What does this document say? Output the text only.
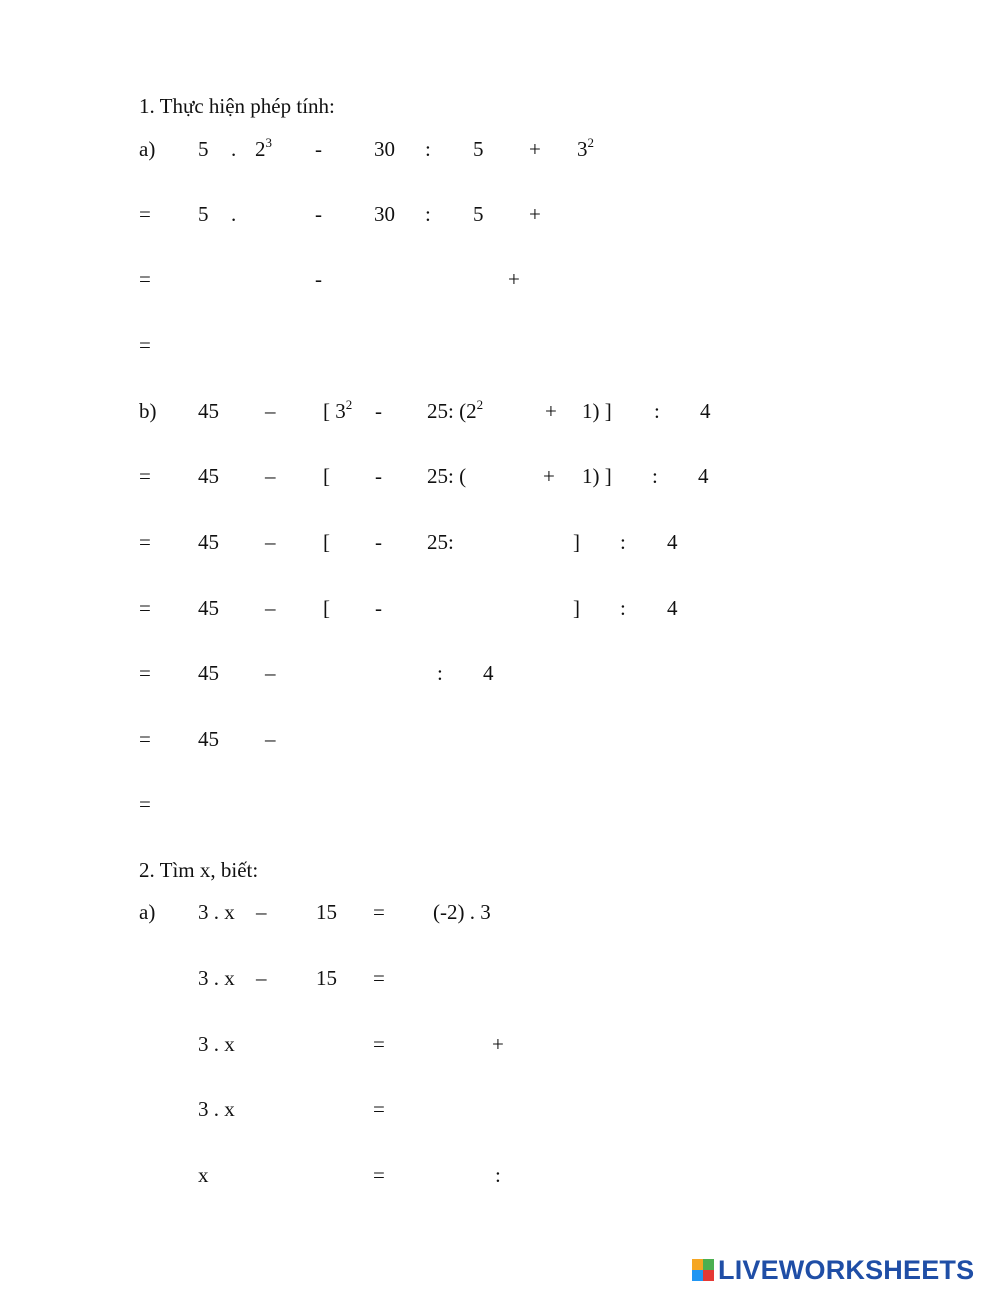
1. Thực hiện phép tính:
a) 5 . $2^3 - 30$ : $5 + 3^2$
= 5 .	- 30 : 5 +
=	-	+
=
b) 45 – [ $3^2 - 25$: ($2^2$	+ 1) ] : 4
= 45 – [ - 25: (	+ 1) ] : 4
= 45 – [ - 25:	] : 4
= 45 – [ -	] : 4
= 45 –	: 4
= 45 –
=
2. Tìm x, biết:
a) 3 . x – 15 = (-2) . 3
3 . x – 15 =
3 . x	=	+
3 . x	=
x	=	:
LIVEWORKSHEETS
